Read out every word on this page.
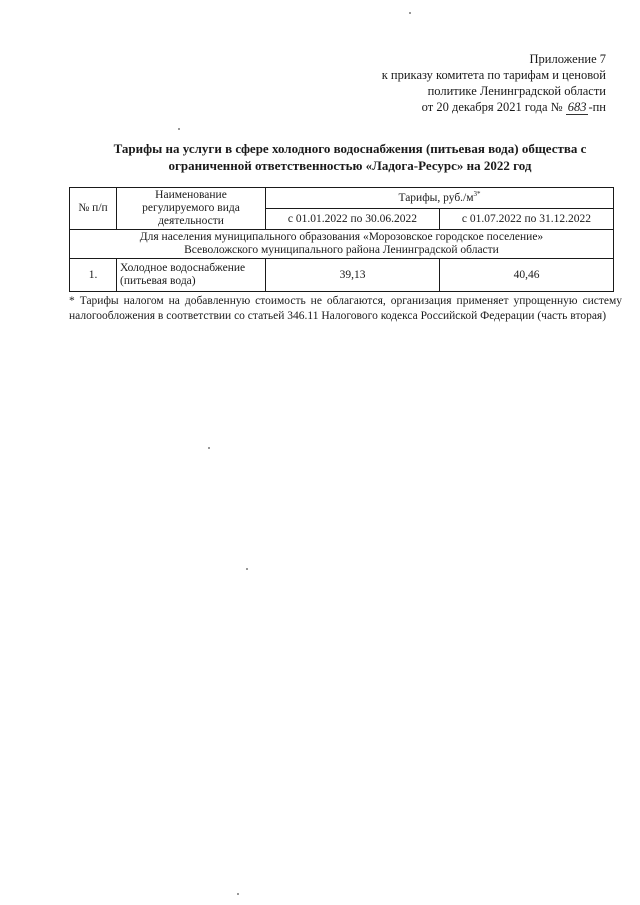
Приложение 7
к приказу комитета по тарифам и ценовой
политике Ленинградской области
от 20 декабря 2021 года № 683 -пн
Тарифы на услуги в сфере холодного водоснабжения (питьевая вода) общества с
ограниченной ответственностью «Ладога-Ресурс» на 2022 год
№ п/п	Наименование регулируемого вида деятельности	Тарифы, $руб./м^{3*}$
		с 01.01.2022 по 30.06.2022	с 01.07.2022 по 31.12.2022

Для населения муниципального образования «Морозовское городское поселение»
Всеволожского муниципального района Ленинградской области			

1.	Холодное водоснабжение (питьевая вода)	39,13	40,46
* Тарифы налогом на добавленную стоимость не облагаются, организация применяет упрощенную систему налогообложения в соответствии со статьей 346.11 Налогового кодекса Российской Федерации (часть вторая)
